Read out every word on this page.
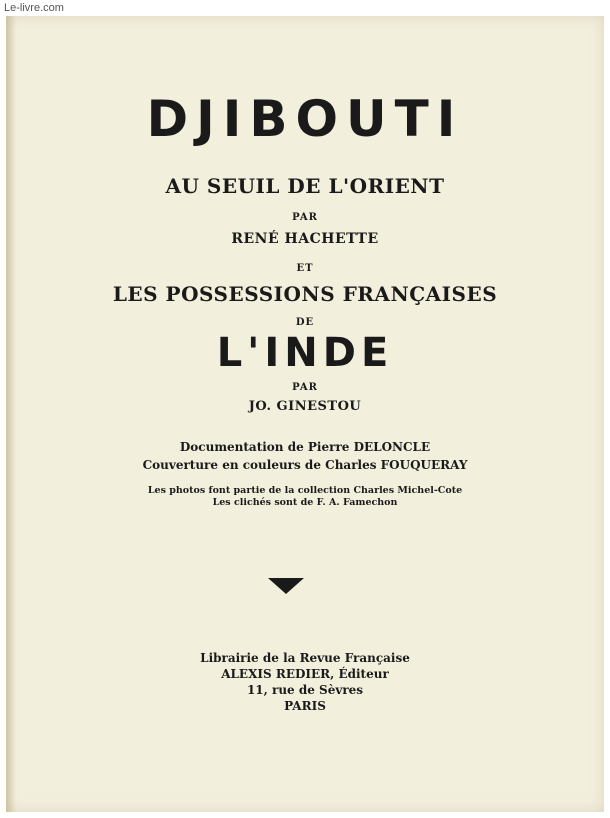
Le-livre.com
DJIBOUTI
AU SEUIL DE L'ORIENT
PAR
RENÉ HACHETTE
ET
LES POSSESSIONS FRANÇAISES
DE
L'INDE
PAR
JO. GINESTOU
Documentation de Pierre DELONCLE
Couverture en couleurs de Charles FOUQUERAY
Les photos font partie de la collection Charles Michel-Cote
Les clichés sont de F. A. Famechon
Librairie de la Revue Française
ALEXIS REDIER, Éditeur
11, rue de Sèvres
PARIS
